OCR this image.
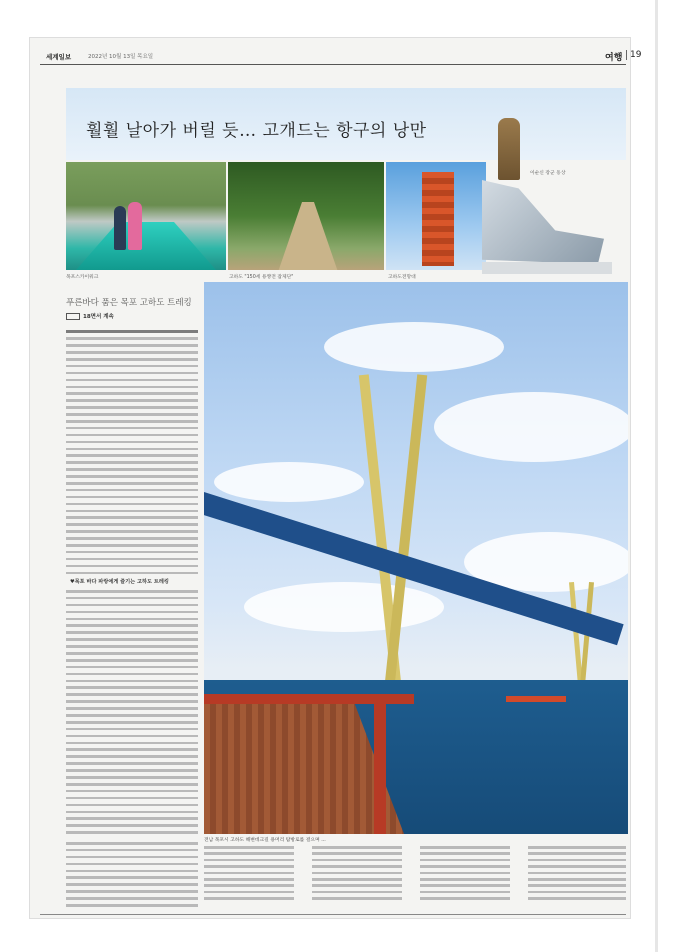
세계일보	2022년 10월 13일 목요일	여행 19
훨훨 날아가 버릴 듯… 고개드는 항구의 낭만
목포스카이워크	고하도 "150세 용짱전 잡제단"	고하도전망대
이순신 장군 동상
푸른바다 품은 목포 고하도 트레킹
18면서 계속
♥목포 바다 파랑에게 즐기는 고하도 트레킹
전남 목포시 고하도 해변데크길 용머리 탐방로를 걸으며 ...
